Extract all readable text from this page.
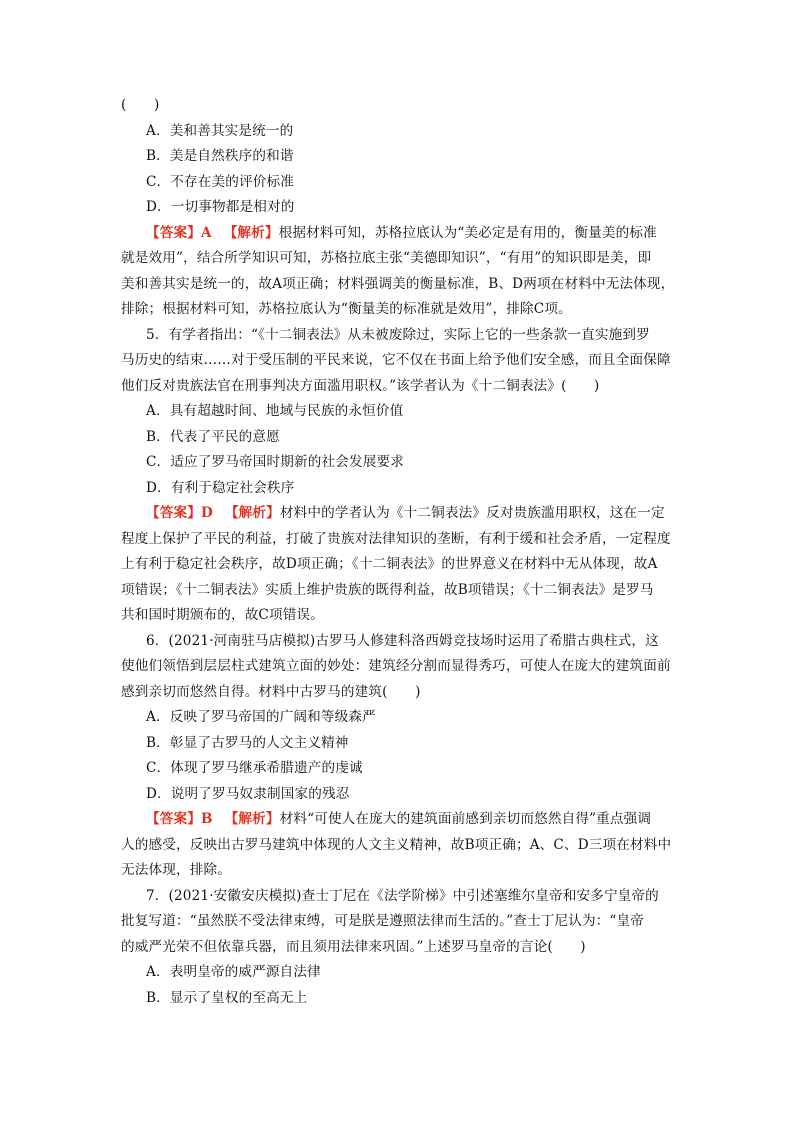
(　　)
A．美和善其实是统一的
B．美是自然秩序的和谐
C．不存在美的评价标准
D．一切事物都是相对的
【答案】A 【解析】根据材料可知，苏格拉底认为“美必定是有用的，衡量美的标准
就是效用”，结合所学知识可知，苏格拉底主张“美德即知识”，“有用”的知识即是美，即
美和善其实是统一的，故A项正确；材料强调美的衡量标准，B、D两项在材料中无法体现，
排除；根据材料可知，苏格拉底认为“衡量美的标准就是效用”，排除C项。
5．有学者指出：“《十二铜表法》从未被废除过，实际上它的一些条款一直实施到罗
马历史的结束……对于受压制的平民来说，它不仅在书面上给予他们安全感，而且全面保障
他们反对贵族法官在刑事判决方面滥用职权。”该学者认为《十二铜表法》(　　)
A．具有超越时间、地域与民族的永恒价值
B．代表了平民的意愿
C．适应了罗马帝国时期新的社会发展要求
D．有利于稳定社会秩序
【答案】D 【解析】材料中的学者认为《十二铜表法》反对贵族滥用职权，这在一定
程度上保护了平民的利益，打破了贵族对法律知识的垄断，有利于缓和社会矛盾，一定程度
上有利于稳定社会秩序，故D项正确；《十二铜表法》的世界意义在材料中无从体现，故A
项错误；《十二铜表法》实质上维护贵族的既得利益，故B项错误；《十二铜表法》是罗马
共和国时期颁布的，故C项错误。
6．(2021·河南驻马店模拟)古罗马人修建科洛西姆竞技场时运用了希腊古典柱式，这
使他们领悟到层层柱式建筑立面的妙处：建筑经分割而显得秀巧，可使人在庞大的建筑面前
感到亲切而悠然自得。材料中古罗马的建筑(　　)
A．反映了罗马帝国的广阔和等级森严
B．彰显了古罗马的人文主义精神
C．体现了罗马继承希腊遗产的虔诚
D．说明了罗马奴隶制国家的残忍
【答案】B 【解析】材料“可使人在庞大的建筑面前感到亲切而悠然自得”重点强调
人的感受，反映出古罗马建筑中体现的人文主义精神，故B项正确；A、C、D三项在材料中
无法体现，排除。
7．(2021·安徽安庆模拟)查士丁尼在《法学阶梯》中引述塞维尔皇帝和安多宁皇帝的
批复写道：“虽然朕不受法律束缚，可是朕是遵照法律而生活的。”查士丁尼认为：“皇帝
的威严光荣不但依靠兵器，而且须用法律来巩固。”上述罗马皇帝的言论(　　)
A．表明皇帝的威严源自法律
B．显示了皇权的至高无上
